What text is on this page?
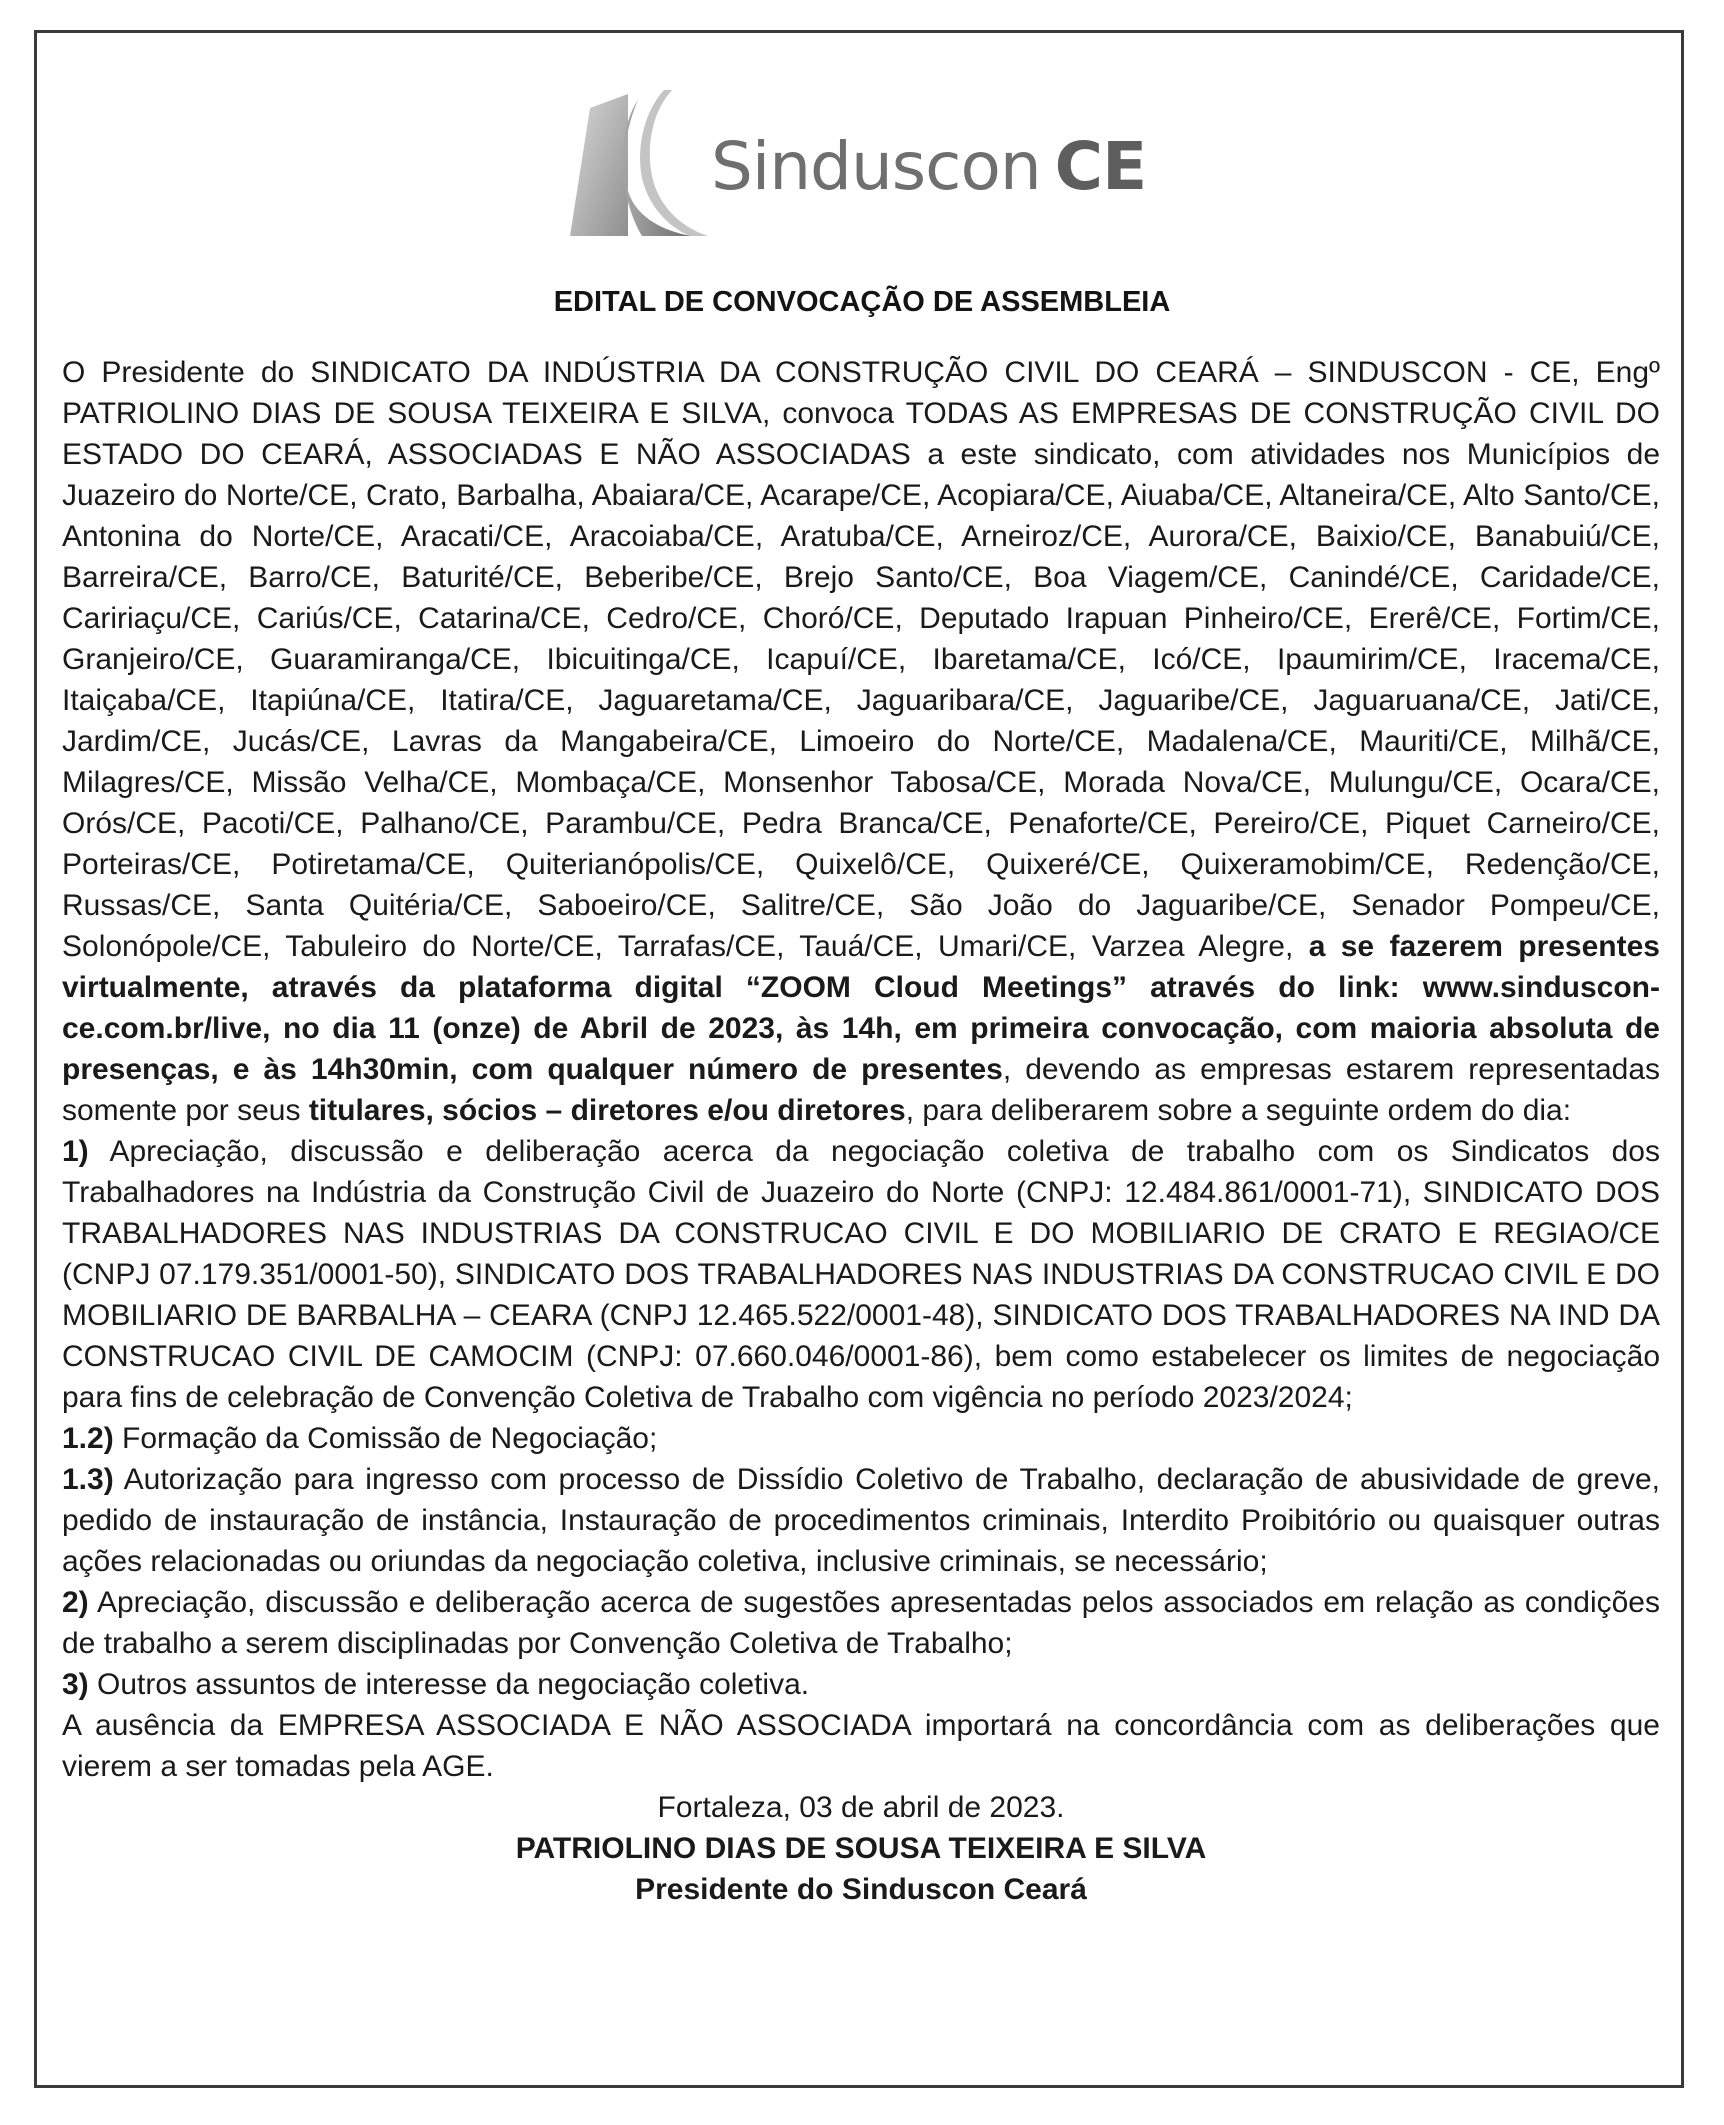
Sinduscon CE
EDITAL DE CONVOCAÇÃO DE ASSEMBLEIA

O Presidente do SINDICATO DA INDÚSTRIA DA CONSTRUÇÃO CIVIL DO CEARÁ – SINDUSCON - CE, Engº PATRIOLINO DIAS DE SOUSA TEIXEIRA E SILVA, convoca TODAS AS EMPRESAS DE CONSTRUÇÃO CIVIL DO ESTADO DO CEARÁ, ASSOCIADAS E NÃO ASSOCIADAS a este sindicato, com atividades nos Municípios de Juazeiro do Norte/CE, Crato, Barbalha, Abaiara/CE, Acarape/CE, Acopiara/CE, Aiuaba/CE, Altaneira/CE, Alto Santo/CE, Antonina do Norte/CE, Aracati/CE, Aracoiaba/CE, Aratuba/CE, Arneiroz/CE, Aurora/CE, Baixio/CE, Banabuiú/CE, Barreira/CE, Barro/CE, Baturité/CE, Beberibe/CE, Brejo Santo/CE, Boa Viagem/CE, Canindé/CE, Caridade/CE, Caririaçu/CE, Cariús/CE, Catarina/CE, Cedro/CE, Choró/CE, Deputado Irapuan Pinheiro/CE, Ererê/CE, Fortim/CE, Granjeiro/CE, Guaramiranga/CE, Ibicuitinga/CE, Icapuí/CE, Ibaretama/CE, Icó/CE, Ipaumirim/CE, Iracema/CE, Itaiçaba/CE, Itapiúna/CE, Itatira/CE, Jaguaretama/CE, Jaguaribara/CE, Jaguaribe/CE, Jaguaruana/CE, Jati/CE, Jardim/CE, Jucás/CE, Lavras da Mangabeira/CE, Limoeiro do Norte/CE, Madalena/CE, Mauriti/CE, Milhã/CE, Milagres/CE, Missão Velha/CE, Mombaça/CE, Monsenhor Tabosa/CE, Morada Nova/CE, Mulungu/CE, Ocara/CE, Orós/CE, Pacoti/CE, Palhano/CE, Parambu/CE, Pedra Branca/CE, Penaforte/CE, Pereiro/CE, Piquet Carneiro/CE, Porteiras/CE, Potiretama/CE, Quiterianópolis/CE, Quixelô/CE, Quixeré/CE, Quixeramobim/CE, Redenção/CE, Russas/CE, Santa Quitéria/CE, Saboeiro/CE, Salitre/CE, São João do Jaguaribe/CE, Senador Pompeu/CE, Solonópole/CE, Tabuleiro do Norte/CE, Tarrafas/CE, Tauá/CE, Umari/CE, Varzea Alegre, a se fazerem presentes virtualmente, através da plataforma digital “ZOOM Cloud Meetings” através do link: www.sindusconce.com.br/live, no dia 11 (onze) de Abril de 2023, às 14h, em primeira convocação, com maioria absoluta de presenças, e às 14h30min, com qualquer número de presentes, devendo as empresas estarem representadas somente por seus titulares, sócios – diretores e/ou diretores, para deliberarem sobre a seguinte ordem do dia:

1) Apreciação, discussão e deliberação acerca da negociação coletiva de trabalho com os Sindicatos dos Trabalhadores na Indústria da Construção Civil de Juazeiro do Norte (CNPJ: 12.484.861/0001-71), SINDICATO DOS TRABALHADORES NAS INDUSTRIAS DA CONSTRUCAO CIVIL E DO MOBILIARIO DE CRATO E REGIAO/CE (CNPJ 07.179.351/0001-50), SINDICATO DOS TRABALHADORES NAS INDUSTRIAS DA CONSTRUCAO CIVIL E DO MOBILIARIO DE BARBALHA – CEARA (CNPJ 12.465.522/0001-48), SINDICATO DOS TRABALHADORES NA IND DA CONSTRUCAO CIVIL DE CAMOCIM (CNPJ: 07.660.046/0001-86), bem como estabelecer os limites de negociação para fins de celebração de Convenção Coletiva de Trabalho com vigência no período 2023/2024;

1.2) Formação da Comissão de Negociação;

1.3) Autorização para ingresso com processo de Dissídio Coletivo de Trabalho, declaração de abusividade de greve, pedido de instauração de instância, Instauração de procedimentos criminais, Interdito Proibitório ou quaisquer outras ações relacionadas ou oriundas da negociação coletiva, inclusive criminais, se necessário;

2) Apreciação, discussão e deliberação acerca de sugestões apresentadas pelos associados em relação as condições de trabalho a serem disciplinadas por Convenção Coletiva de Trabalho;

3) Outros assuntos de interesse da negociação coletiva.

A ausência da EMPRESA ASSOCIADA E NÃO ASSOCIADA importará na concordância com as deliberações que vierem a ser tomadas pela AGE.

Fortaleza, 03 de abril de 2023.

PATRIOLINO DIAS DE SOUSA TEIXEIRA E SILVA

Presidente do Sinduscon Ceará
